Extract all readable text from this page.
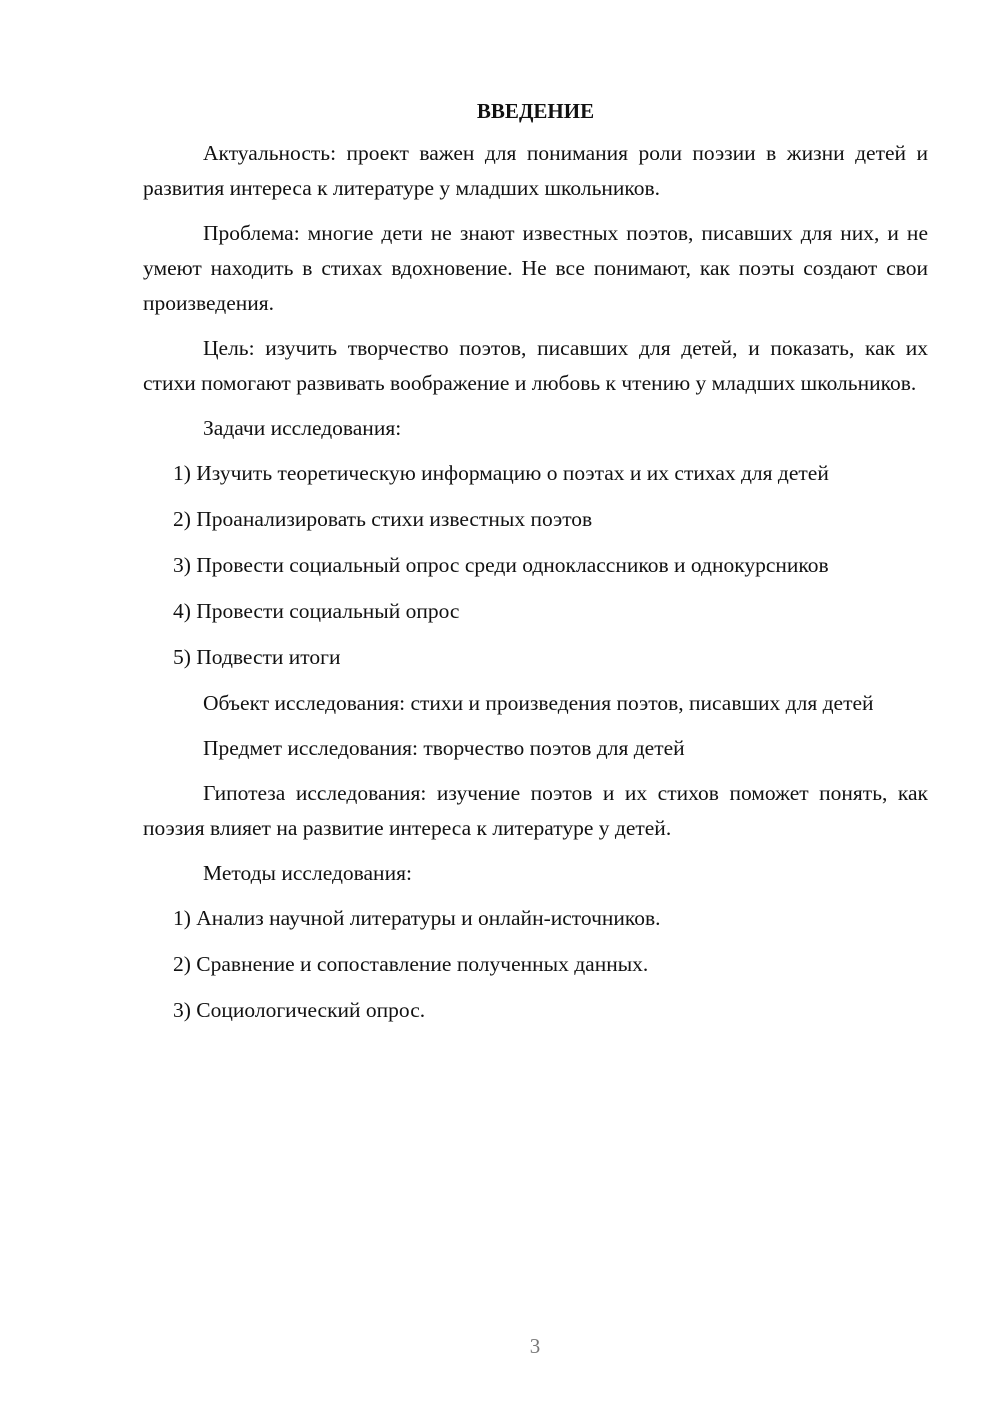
ВВЕДЕНИЕ

Актуальность: проект важен для понимания роли поэзии в жизни детей и развития интереса к литературе у младших школьников.

Проблема: многие дети не знают известных поэтов, писавших для них, и не умеют находить в стихах вдохновение. Не все понимают, как поэты создают свои произведения.

Цель: изучить творчество поэтов, писавших для детей, и показать, как их стихи помогают развивать воображение и любовь к чтению у младших школьников.

Задачи исследования:

1) Изучить теоретическую информацию о поэтах и их стихах для детей

2) Проанализировать стихи известных поэтов

3) Провести социальный опрос среди одноклассников и однокурсников

4) Провести социальный опрос

5) Подвести итоги

Объект исследования: стихи и произведения поэтов, писавших для детей

Предмет исследования: творчество поэтов для детей

Гипотеза исследования: изучение поэтов и их стихов поможет понять, как поэзия влияет на развитие интереса к литературе у детей.

Методы исследования:

1) Анализ научной литературы и онлайн-источников.

2) Сравнение и сопоставление полученных данных.

3) Социологический опрос.

3
